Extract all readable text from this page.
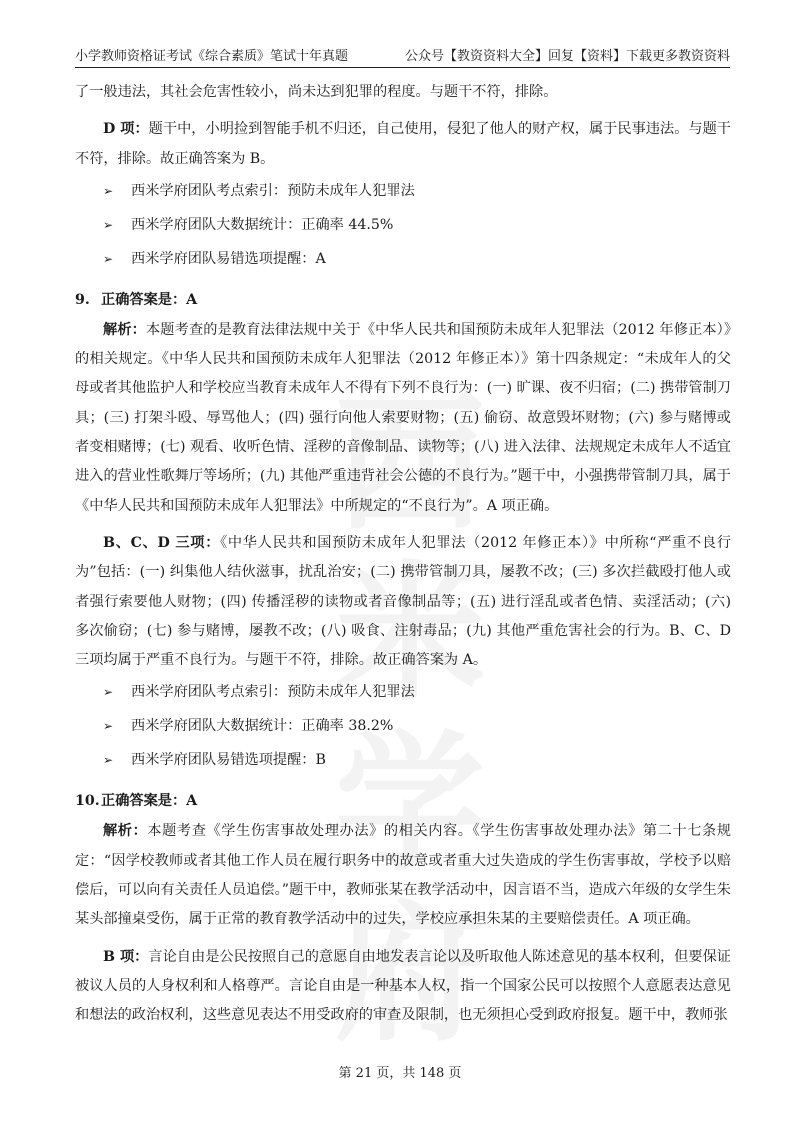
小学教师资格证考试《综合素质》笔试十年真题	公众号【教资资料大全】回复【资料】下载更多教资资料

了一般违法，其社会危害性较小，尚未达到犯罪的程度。与题干不符，排除。

D 项：题干中，小明捡到智能手机不归还，自己使用，侵犯了他人的财产权，属于民事违法。与题干不符，排除。故正确答案为 B。

➢	西米学府团队考点索引：预防未成年人犯罪法

➢	西米学府团队大数据统计：正确率 44.5%

➢	西米学府团队易错选项提醒：A

9. 正确答案是：A

解析：本题考查的是教育法律法规中关于《中华人民共和国预防未成年人犯罪法（2012 年修正本）》的相关规定。《中华人民共和国预防未成年人犯罪法（2012 年修正本）》第十四条规定：“未成年人的父母或者其他监护人和学校应当教育未成年人不得有下列不良行为：(一) 旷课、夜不归宿；(二) 携带管制刀具；(三) 打架斗殴、辱骂他人；(四) 强行向他人索要财物；(五) 偷窃、故意毁坏财物；(六) 参与赌博或者变相赌博；(七) 观看、收听色情、淫秽的音像制品、读物等；(八) 进入法律、法规规定未成年人不适宜进入的营业性歌舞厅等场所；(九) 其他严重违背社会公德的不良行为。”题干中，小强携带管制刀具，属于《中华人民共和国预防未成年人犯罪法》中所规定的“不良行为”。A 项正确。

B、C、D 三项：《中华人民共和国预防未成年人犯罪法（2012 年修正本）》中所称“严重不良行为”包括：(一) 纠集他人结伙滋事，扰乱治安；(二) 携带管制刀具，屡教不改；(三) 多次拦截殴打他人或者强行索要他人财物；(四) 传播淫秽的读物或者音像制品等；(五) 进行淫乱或者色情、卖淫活动；(六) 多次偷窃；(七) 参与赌博，屡教不改；(八) 吸食、注射毒品；(九) 其他严重危害社会的行为。B、C、D 三项均属于严重不良行为。与题干不符，排除。故正确答案为 A。

➢	西米学府团队考点索引：预防未成年人犯罪法

➢	西米学府团队大数据统计：正确率 38.2%

➢	西米学府团队易错选项提醒：B

10.正确答案是：A

解析：本题考查《学生伤害事故处理办法》的相关内容。《学生伤害事故处理办法》第二十七条规定：“因学校教师或者其他工作人员在履行职务中的故意或者重大过失造成的学生伤害事故，学校予以赔偿后，可以向有关责任人员追偿。”题干中，教师张某在教学活动中，因言语不当，造成六年级的女学生朱某头部撞桌受伤，属于正常的教育教学活动中的过失，学校应承担朱某的主要赔偿责任。A 项正确。

B 项：言论自由是公民按照自己的意愿自由地发表言论以及听取他人陈述意见的基本权利，但要保证被议人员的人身权利和人格尊严。言论自由是一种基本人权，指一个国家公民可以按照个人意愿表达意见和想法的政治权利，这些意见表达不用受政府的审查及限制，也无须担心受到政府报复。题干中，教师张

第 21 页，共 148 页
